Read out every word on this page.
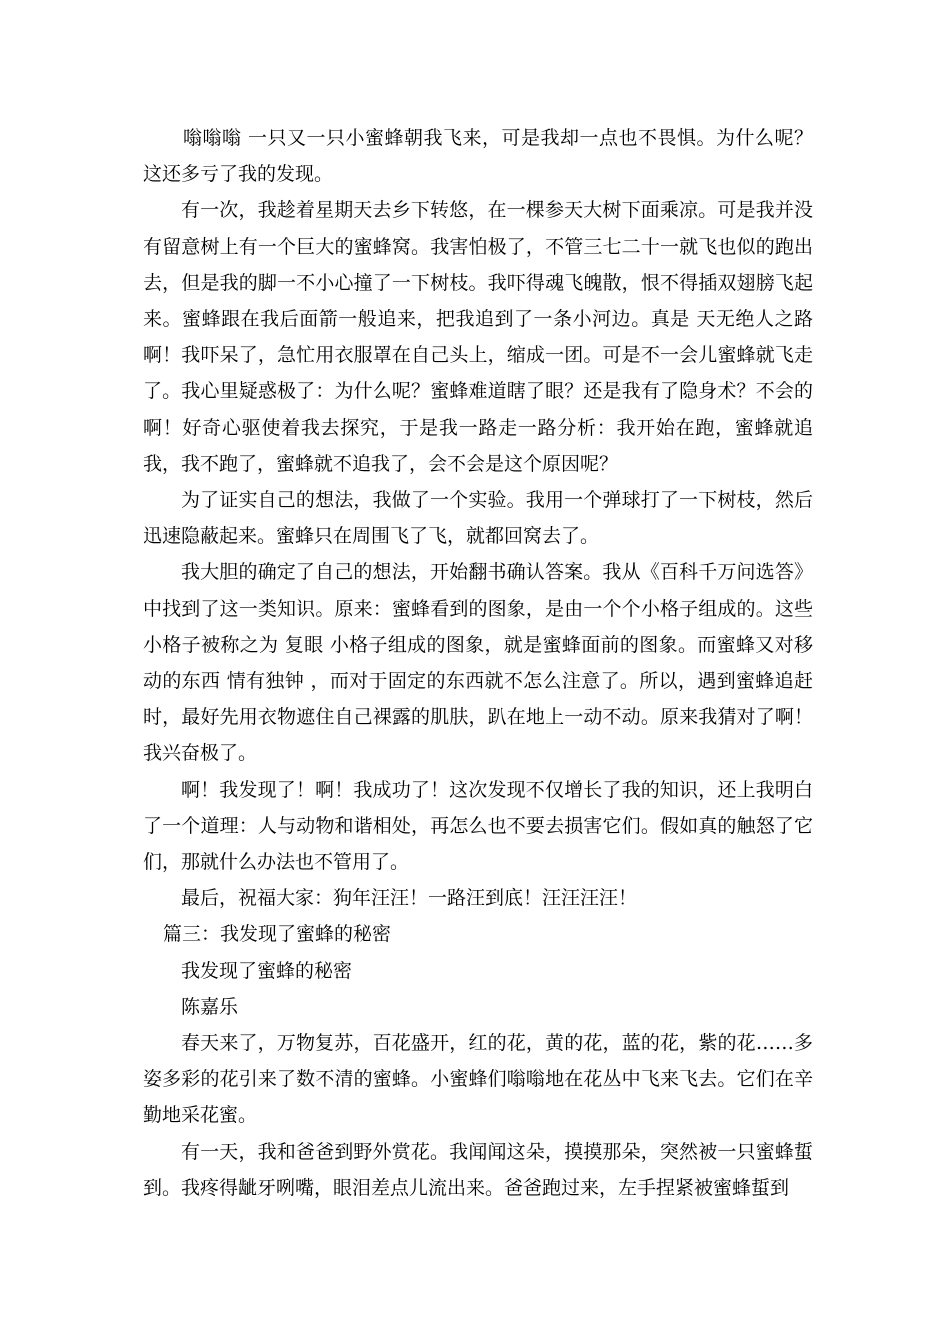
嗡嗡嗡 一只又一只小蜜蜂朝我飞来，可是我却一点也不畏惧。为什么呢？这还多亏了我的发现。

有一次，我趁着星期天去乡下转悠，在一棵参天大树下面乘凉。可是我并没有留意树上有一个巨大的蜜蜂窝。我害怕极了，不管三七二十一就飞也似的跑出去，但是我的脚一不小心撞了一下树枝。我吓得魂飞魄散，恨不得插双翅膀飞起来。蜜蜂跟在我后面箭一般追来，把我追到了一条小河边。真是 天无绝人之路 啊！我吓呆了，急忙用衣服罩在自己头上，缩成一团。可是不一会儿蜜蜂就飞走了。我心里疑惑极了：为什么呢？蜜蜂难道瞎了眼？还是我有了隐身术？不会的啊！好奇心驱使着我去探究，于是我一路走一路分析：我开始在跑，蜜蜂就追我，我不跑了，蜜蜂就不追我了，会不会是这个原因呢？

为了证实自己的想法，我做了一个实验。我用一个弹球打了一下树枝，然后迅速隐蔽起来。蜜蜂只在周围飞了飞，就都回窝去了。

我大胆的确定了自己的想法，开始翻书确认答案。我从《百科千万问选答》中找到了这一类知识。原来：蜜蜂看到的图象，是由一个个小格子组成的。这些小格子被称之为 复眼 小格子组成的图象，就是蜜蜂面前的图象。而蜜蜂又对移动的东西 情有独钟 ，而对于固定的东西就不怎么注意了。所以，遇到蜜蜂追赶时，最好先用衣物遮住自己裸露的肌肤，趴在地上一动不动。原来我猜对了啊！我兴奋极了。

啊！我发现了！啊！我成功了！这次发现不仅增长了我的知识，还上我明白了一个道理：人与动物和谐相处，再怎么也不要去损害它们。假如真的触怒了它们，那就什么办法也不管用了。

最后，祝福大家：狗年汪汪！一路汪到底！汪汪汪汪！

篇三：我发现了蜜蜂的秘密

我发现了蜜蜂的秘密

陈嘉乐

春天来了，万物复苏，百花盛开，红的花，黄的花，蓝的花，紫的花……多姿多彩的花引来了数不清的蜜蜂。小蜜蜂们嗡嗡地在花丛中飞来飞去。它们在辛勤地采花蜜。

有一天，我和爸爸到野外赏花。我闻闻这朵，摸摸那朵，突然被一只蜜蜂蜇到。我疼得龇牙咧嘴，眼泪差点儿流出来。爸爸跑过来，左手捏紧被蜜蜂蜇到
